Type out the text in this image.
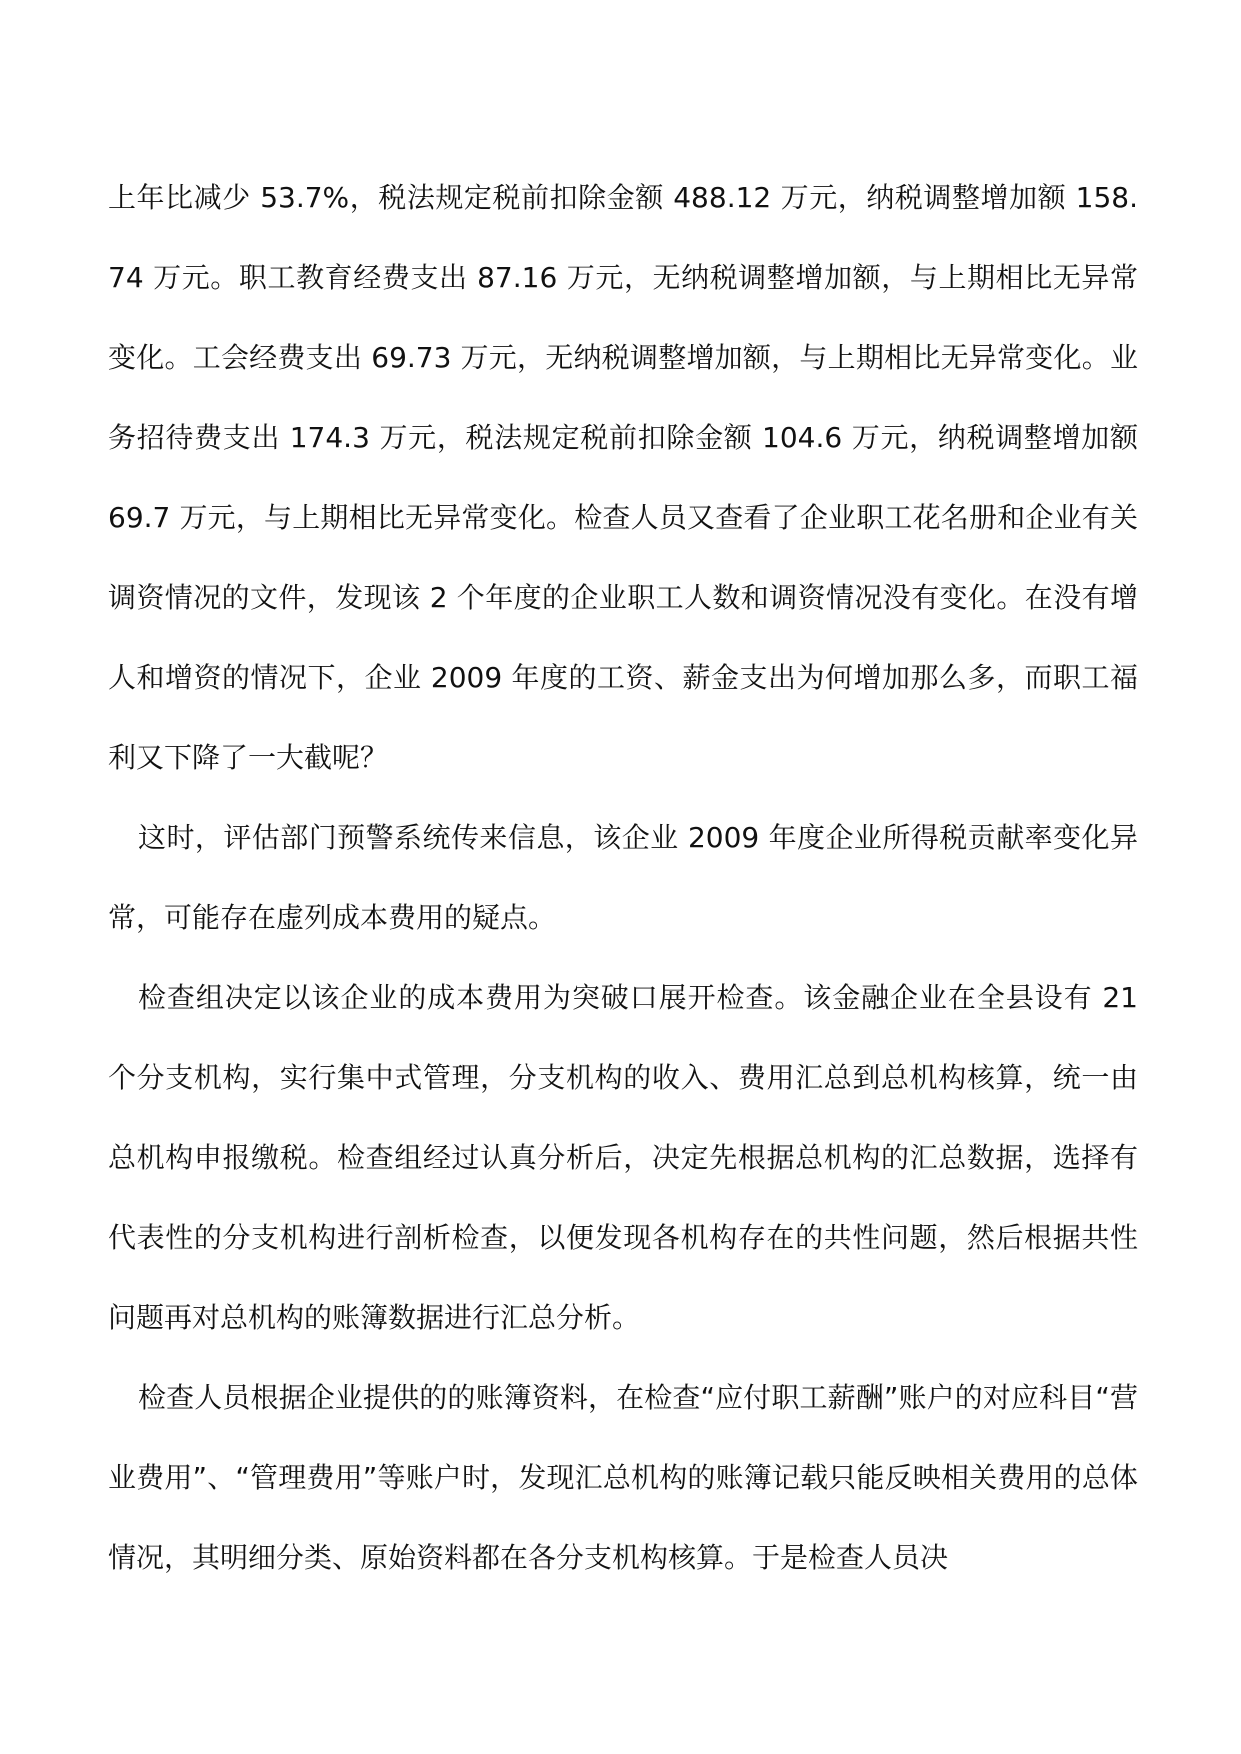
上年比减少 53.7%，税法规定税前扣除金额 488.12 万元，纳税调整增加额 158.74 万元。职工教育经费支出 87.16 万元，无纳税调整增加额，与上期相比无异常变化。工会经费支出 69.73 万元，无纳税调整增加额，与上期相比无异常变化。业务招待费支出 174.3 万元，税法规定税前扣除金额 104.6 万元，纳税调整增加额 69.7 万元，与上期相比无异常变化。检查人员又查看了企业职工花名册和企业有关调资情况的文件，发现该 2 个年度的企业职工人数和调资情况没有变化。在没有增人和增资的情况下，企业 2009 年度的工资、薪金支出为何增加那么多，而职工福利又下降了一大截呢？

这时，评估部门预警系统传来信息，该企业 2009 年度企业所得税贡献率变化异常，可能存在虚列成本费用的疑点。

检查组决定以该企业的成本费用为突破口展开检查。该金融企业在全县设有 21 个分支机构，实行集中式管理，分支机构的收入、费用汇总到总机构核算，统一由总机构申报缴税。检查组经过认真分析后，决定先根据总机构的汇总数据，选择有代表性的分支机构进行剖析检查，以便发现各机构存在的共性问题，然后根据共性问题再对总机构的账簿数据进行汇总分析。

检查人员根据企业提供的的账簿资料，在检查“应付职工薪酬”账户的对应科目“营业费用”、“管理费用”等账户时，发现汇总机构的账簿记载只能反映相关费用的总体情况，其明细分类、原始资料都在各分支机构核算。于是检查人员决
